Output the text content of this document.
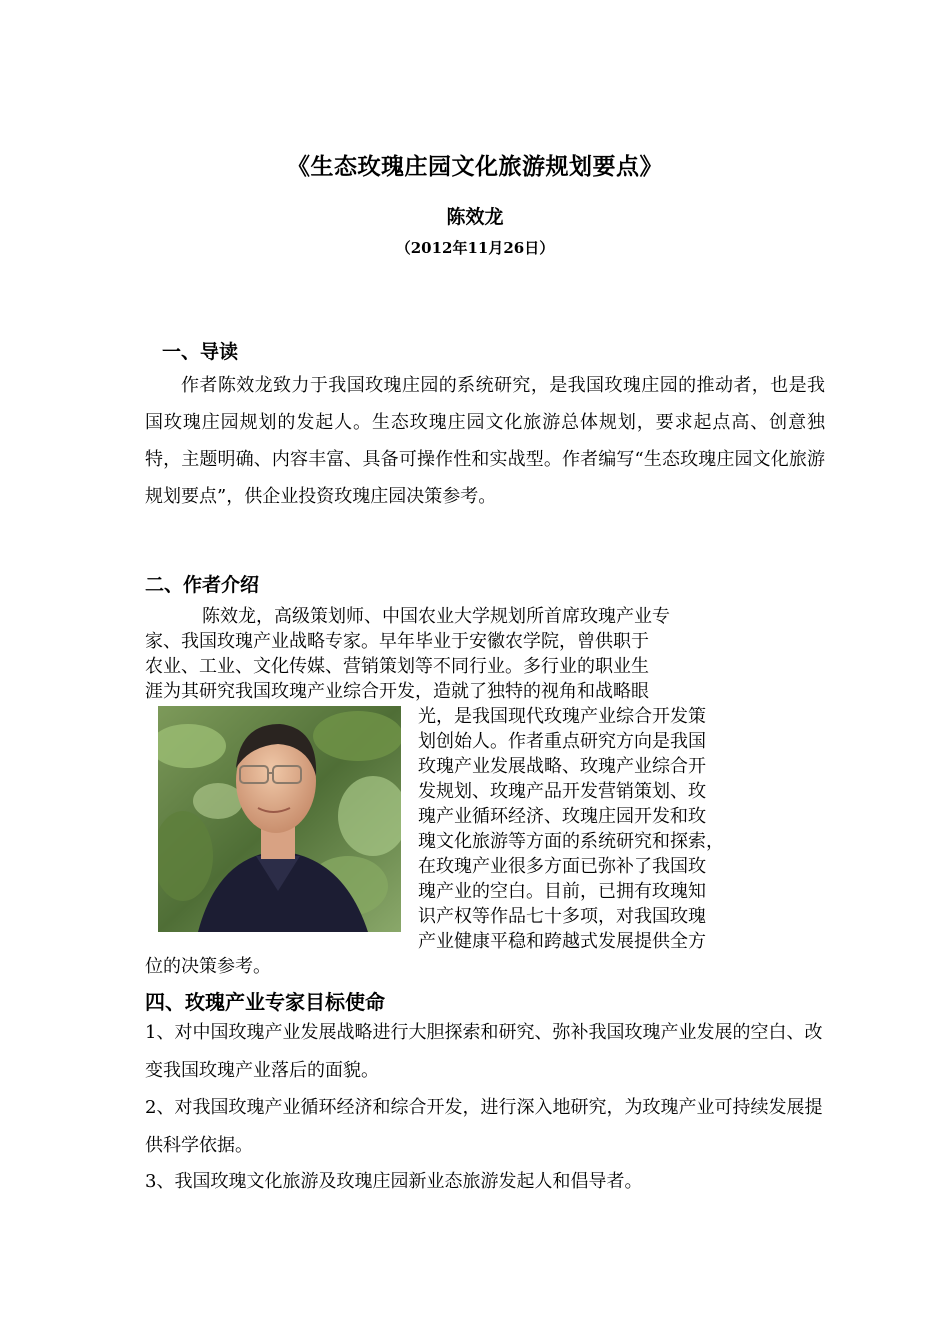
《生态玫瑰庄园文化旅游规划要点》
陈效龙
（2012年11月26日）
一、导读
作者陈效龙致力于我国玫瑰庄园的系统研究，是我国玫瑰庄园的推动者，也是我国玫瑰庄园规划的发起人。生态玫瑰庄园文化旅游总体规划，要求起点高、创意独特，主题明确、内容丰富、具备可操作性和实战型。作者编写“生态玫瑰庄园文化旅游规划要点”，供企业投资玫瑰庄园决策参考。
二、作者介绍
陈效龙，高级策划师、中国农业大学规划所首席玫瑰产业专
家、我国玫瑰产业战略专家。早年毕业于安徽农学院，曾供职于
农业、工业、文化传媒、营销策划等不同行业。多行业的职业生
涯为其研究我国玫瑰产业综合开发，造就了独特的视角和战略眼
光，是我国现代玫瑰产业综合开发策
划创始人。作者重点研究方向是我国
玫瑰产业发展战略、玫瑰产业综合开
发规划、玫瑰产品开发营销策划、玫
瑰产业循环经济、玫瑰庄园开发和玫
瑰文化旅游等方面的系统研究和探索，
在玫瑰产业很多方面已弥补了我国玫
瑰产业的空白。目前，已拥有玫瑰知
识产权等作品七十多项，对我国玫瑰
产业健康平稳和跨越式发展提供全方
位的决策参考。
四、玫瑰产业专家目标使命
1、对中国玫瑰产业发展战略进行大胆探索和研究、弥补我国玫瑰产业发展的空白、改变我国玫瑰产业落后的面貌。
2、对我国玫瑰产业循环经济和综合开发，进行深入地研究，为玫瑰产业可持续发展提供科学依据。
3、我国玫瑰文化旅游及玫瑰庄园新业态旅游发起人和倡导者。
